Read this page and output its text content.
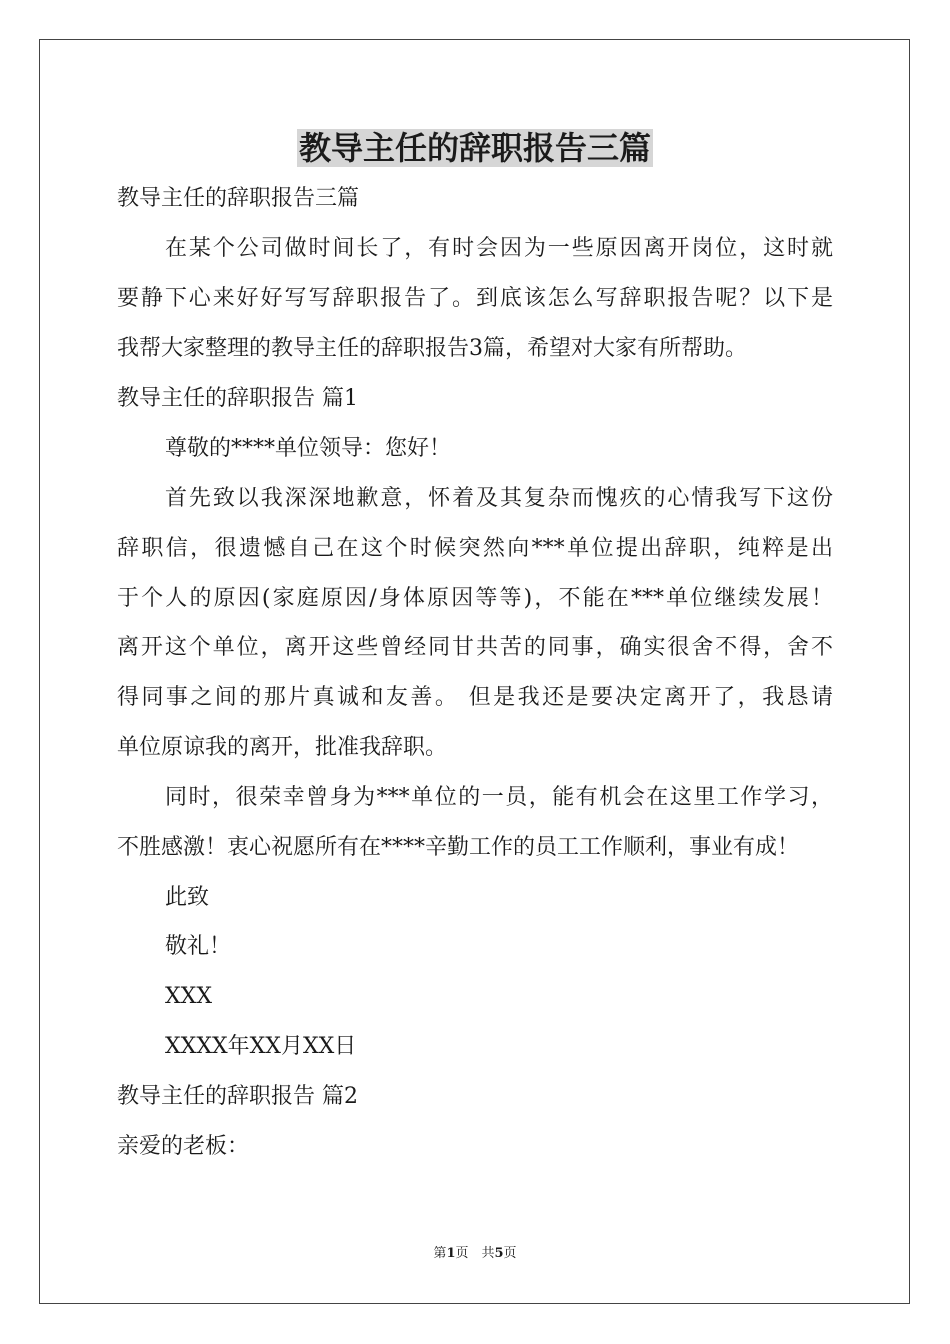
教导主任的辞职报告三篇

教导主任的辞职报告三篇

在某个公司做时间长了，有时会因为一些原因离开岗位，这时就

要静下心来好好写写辞职报告了。到底该怎么写辞职报告呢？以下是

我帮大家整理的教导主任的辞职报告3篇，希望对大家有所帮助。

教导主任的辞职报告 篇1

尊敬的****单位领导：您好！

首先致以我深深地歉意，怀着及其复杂而愧疚的心情我写下这份

辞职信，很遗憾自己在这个时候突然向***单位提出辞职，纯粹是出

于个人的原因(家庭原因/身体原因等等)，不能在***单位继续发展！

离开这个单位，离开这些曾经同甘共苦的同事，确实很舍不得，舍不

得同事之间的那片真诚和友善。 但是我还是要决定离开了，我恳请

单位原谅我的离开，批准我辞职。

同时，很荣幸曾身为***单位的一员，能有机会在这里工作学习，

不胜感激！衷心祝愿所有在****辛勤工作的员工工作顺利，事业有成！

此致

敬礼！

XXX

XXXX年XX月XX日

教导主任的辞职报告 篇2

亲爱的老板：

第1页　共5页
